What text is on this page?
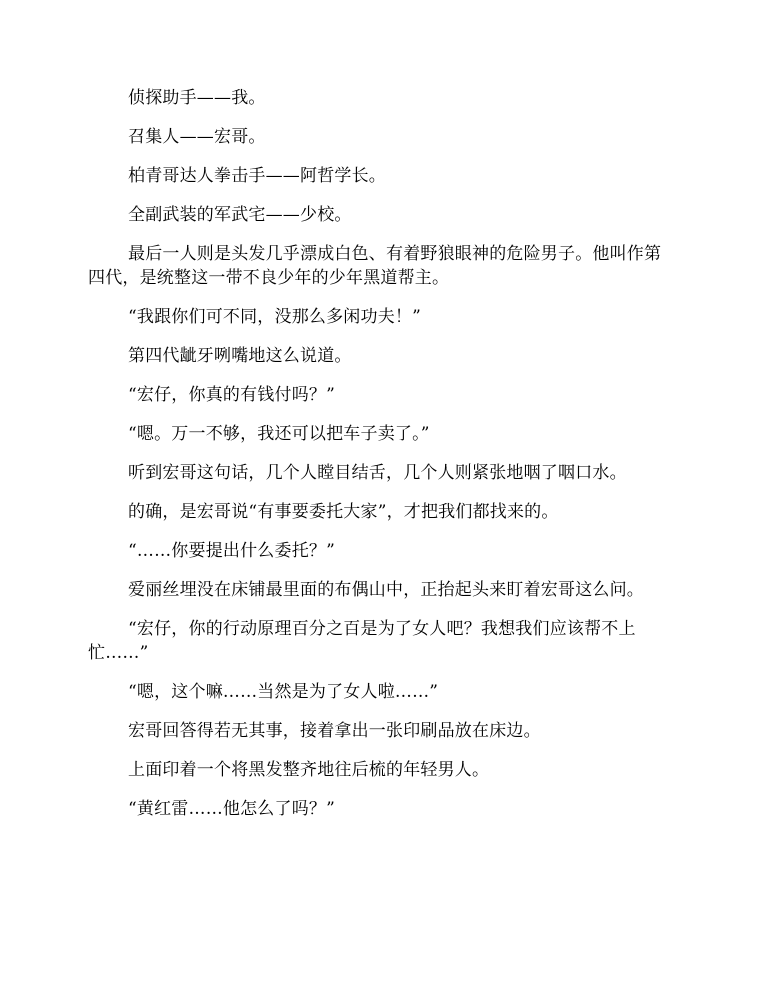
侦探助手——我。

召集人——宏哥。

柏青哥达人拳击手——阿哲学长。

全副武装的军武宅——少校。

最后一人则是头发几乎漂成白色、有着野狼眼神的危险男子。他叫作第四代，是统整这一带不良少年的少年黑道帮主。

“我跟你们可不同，没那么多闲功夫！”

第四代龇牙咧嘴地这么说道。

“宏仔，你真的有钱付吗？”

“嗯。万一不够，我还可以把车子卖了。”

听到宏哥这句话，几个人瞠目结舌，几个人则紧张地咽了咽口水。

的确，是宏哥说“有事要委托大家”，才把我们都找来的。

“……你要提出什么委托？”

爱丽丝埋没在床铺最里面的布偶山中，正抬起头来盯着宏哥这么问。

“宏仔，你的行动原理百分之百是为了女人吧？我想我们应该帮不上忙……”

“嗯，这个嘛……当然是为了女人啦……”

宏哥回答得若无其事，接着拿出一张印刷品放在床边。

上面印着一个将黑发整齐地往后梳的年轻男人。

“黄红雷……他怎么了吗？”
